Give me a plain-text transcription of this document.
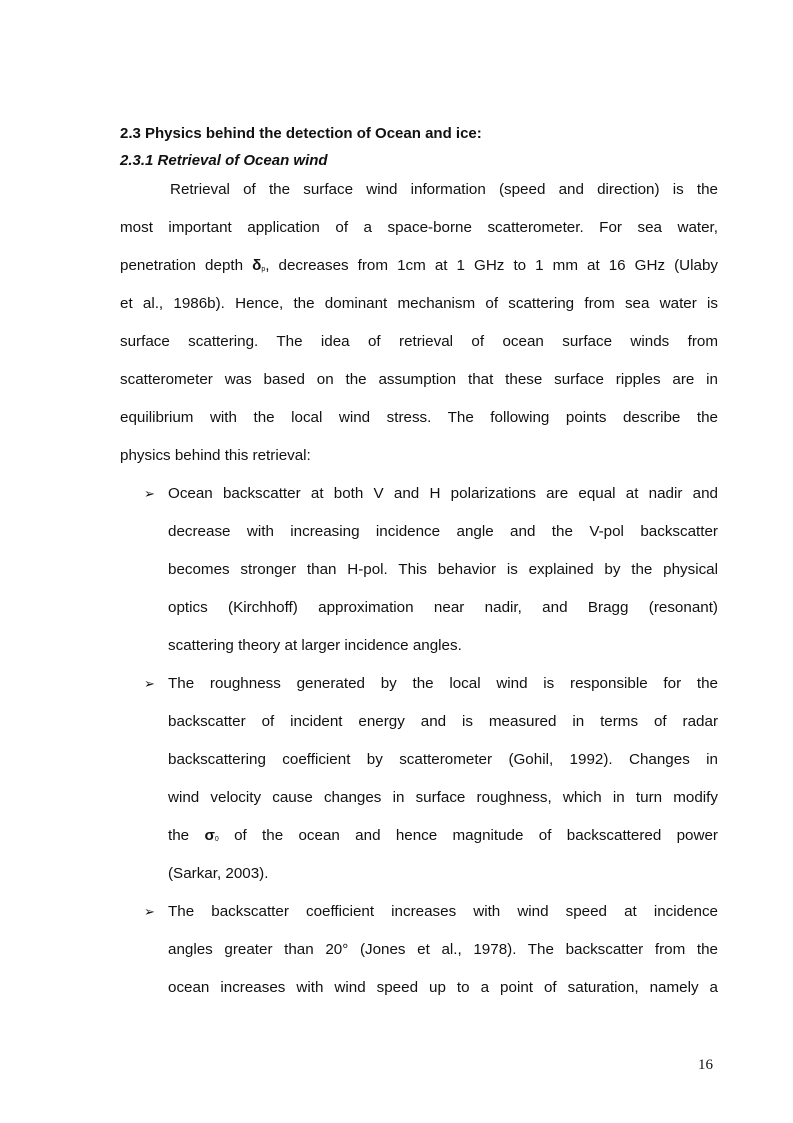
2.3 Physics behind the detection of Ocean and ice:
2.3.1 Retrieval of Ocean wind
Retrieval of the surface wind information (speed and direction) is the
most important application of a space-borne scatterometer. For sea water,
penetration depth δp, decreases from 1cm at 1 GHz to 1 mm at 16 GHz (Ulaby
et al., 1986b). Hence, the dominant mechanism of scattering from sea water is
surface scattering. The idea of retrieval of ocean surface winds from
scatterometer was based on the assumption that these surface ripples are in
equilibrium with the local wind stress. The following points describe the
physics behind this retrieval:
➢ Ocean backscatter at both V and H polarizations are equal at nadir and
decrease with increasing incidence angle and the V-pol backscatter
becomes stronger than H-pol. This behavior is explained by the physical
optics (Kirchhoff) approximation near nadir, and Bragg (resonant)
scattering theory at larger incidence angles.
➢ The roughness generated by the local wind is responsible for the
backscatter of incident energy and is measured in terms of radar
backscattering coefficient by scatterometer (Gohil, 1992). Changes in
wind velocity cause changes in surface roughness, which in turn modify
the σ0 of the ocean and hence magnitude of backscattered power
(Sarkar, 2003).
➢ The backscatter coefficient increases with wind speed at incidence
angles greater than 20° (Jones et al., 1978). The backscatter from the
ocean increases with wind speed up to a point of saturation, namely a
16
